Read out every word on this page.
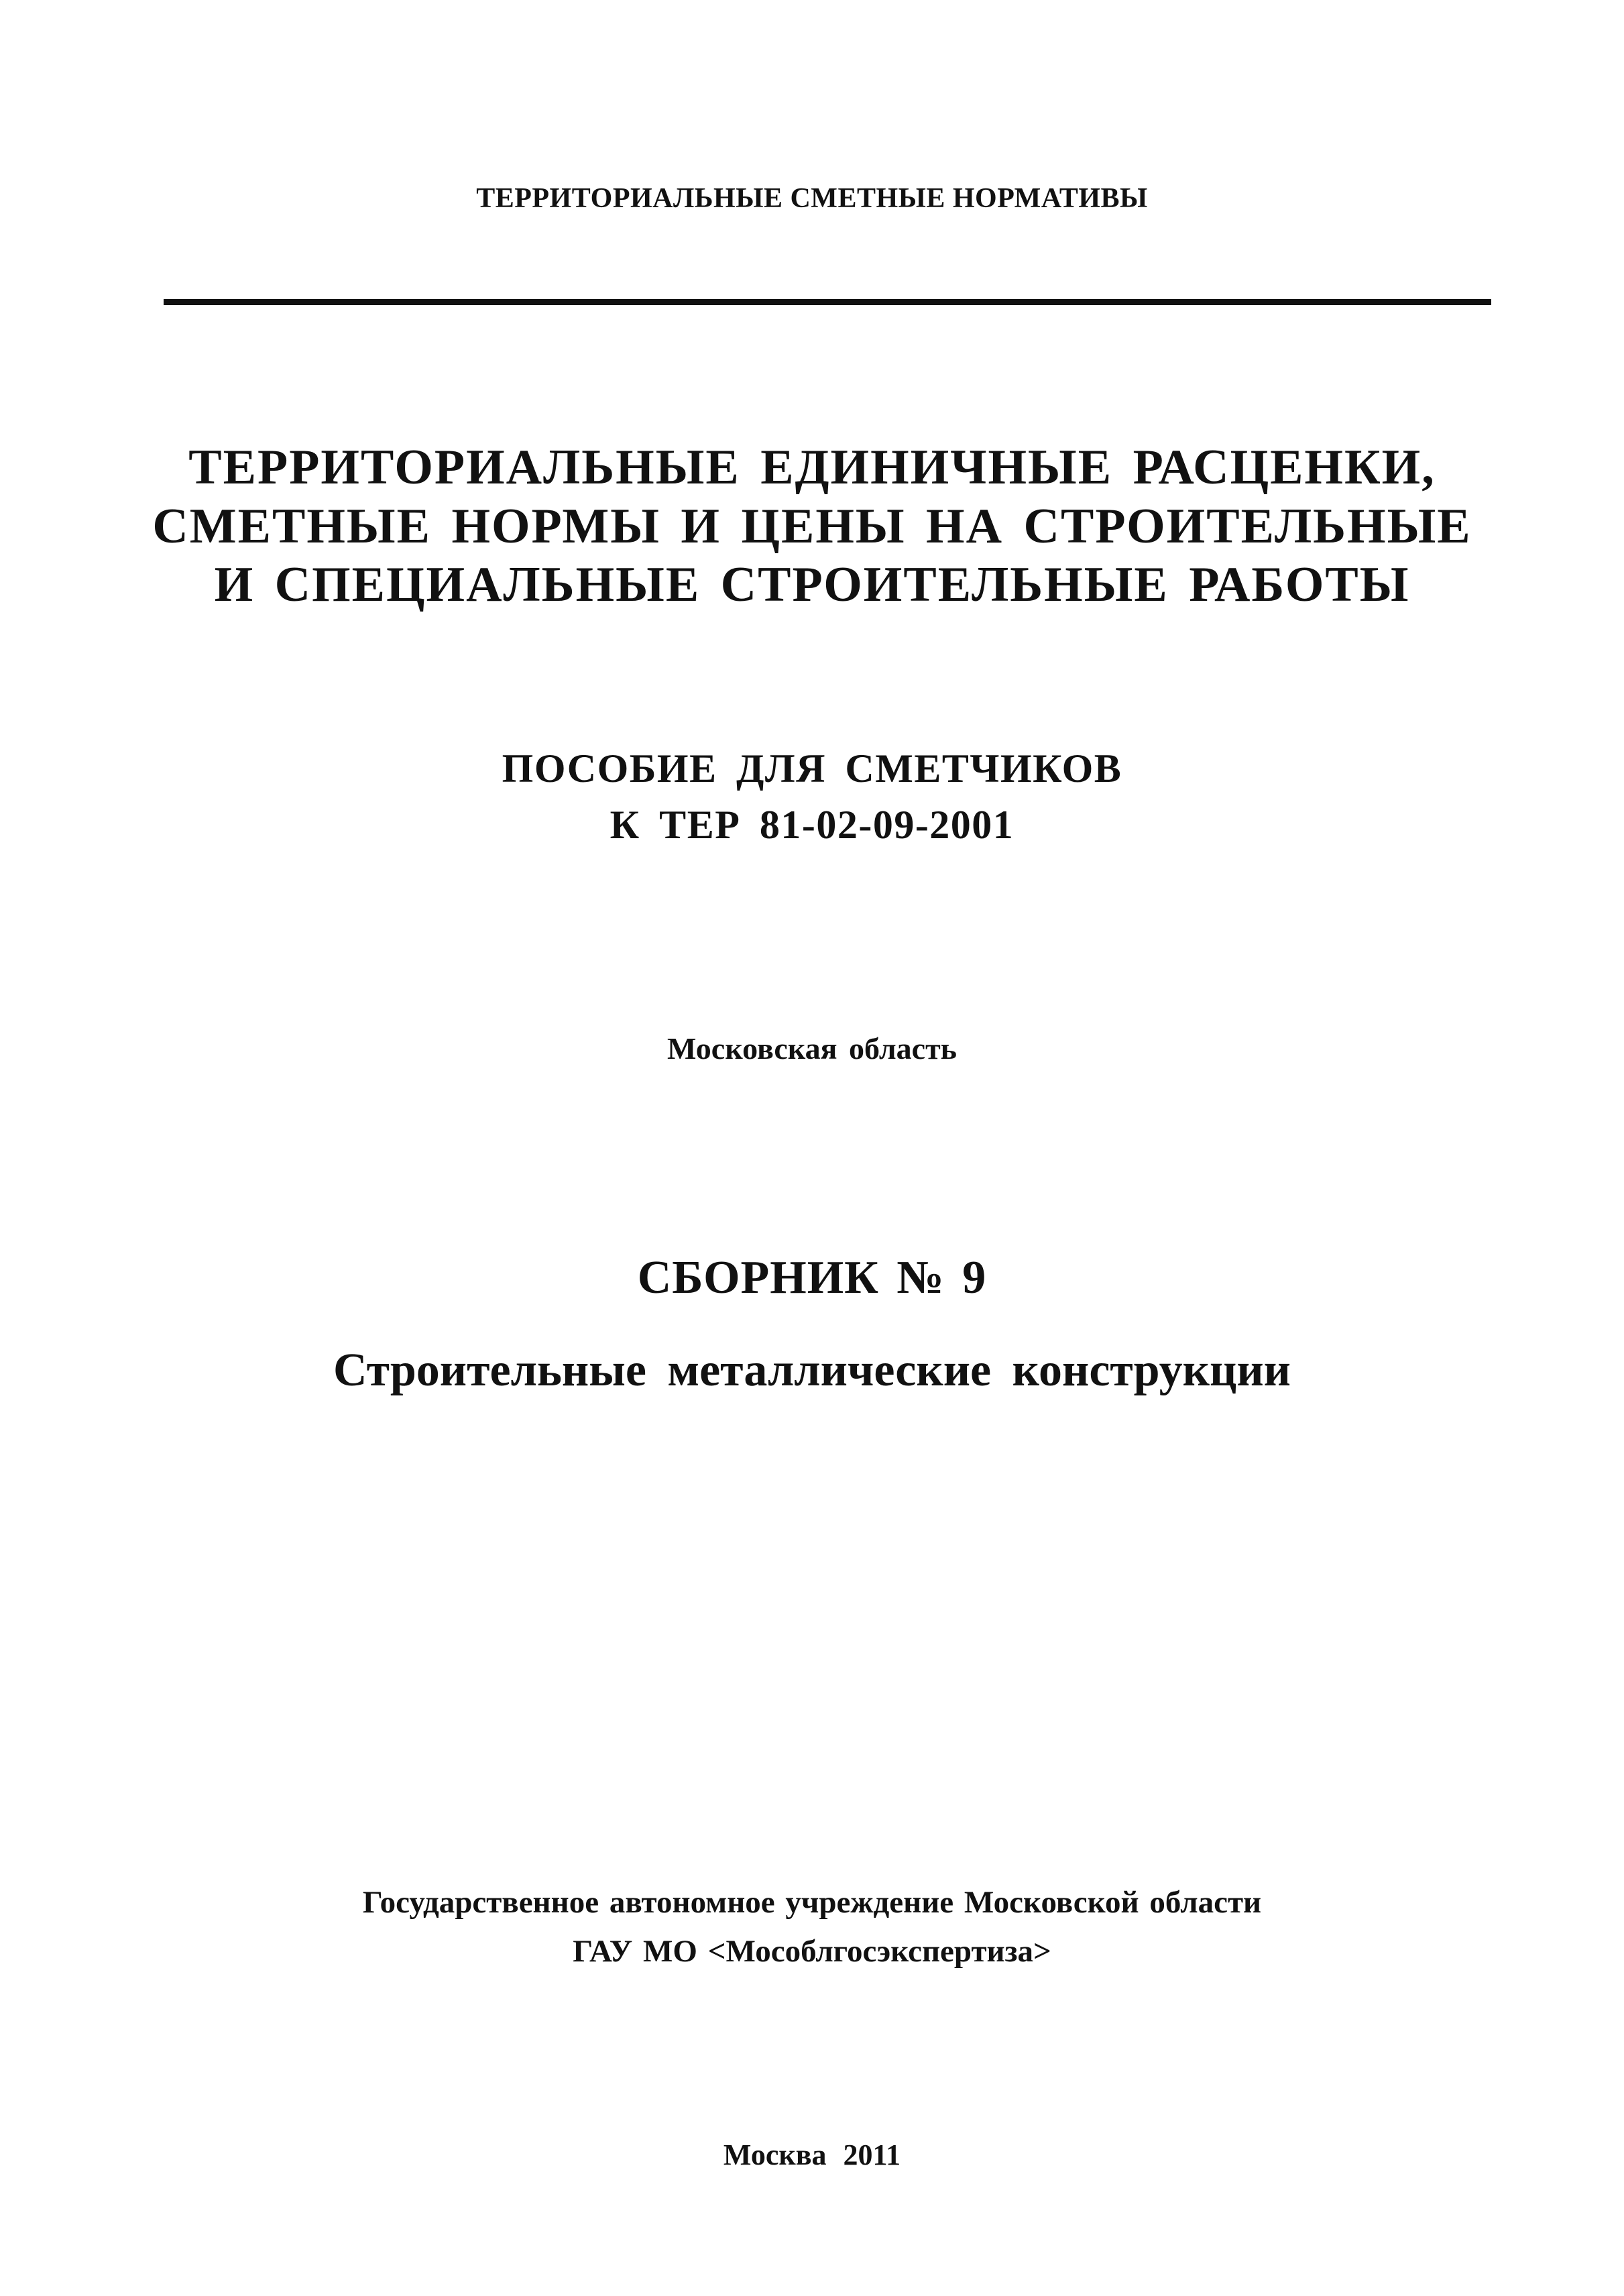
ТЕРРИТОРИАЛЬНЫЕ СМЕТНЫЕ НОРМАТИВЫ
ТЕРРИТОРИАЛЬНЫЕ ЕДИНИЧНЫЕ РАСЦЕНКИ,
СМЕТНЫЕ НОРМЫ И ЦЕНЫ НА СТРОИТЕЛЬНЫЕ
И СПЕЦИАЛЬНЫЕ СТРОИТЕЛЬНЫЕ РАБОТЫ
ПОСОБИЕ ДЛЯ СМЕТЧИКОВ
К ТЕР 81-02-09-2001
Московская область
СБОРНИК № 9
Строительные металлические конструкции
Государственное автономное учреждение Московской области
ГАУ МО <Мособлгосэкспертиза>
Москва 2011
